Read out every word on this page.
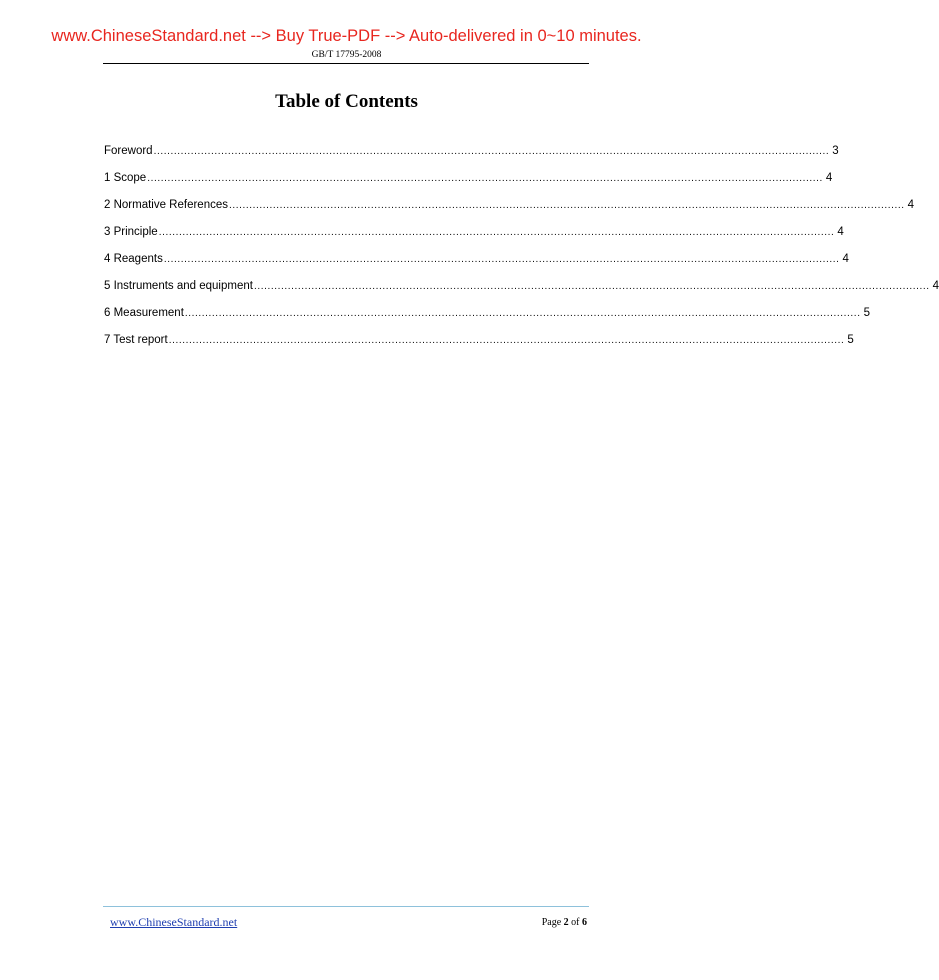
www.ChineseStandard.net --> Buy True-PDF --> Auto-delivered in 0~10 minutes.
GB/T 17795-2008
Table of Contents
Foreword ........................................................................................................................................................................................................ 3
1 Scope ........................................................................................................................................................................................................ 4
2 Normative References ........................................................................................................................................................................................................ 4
3 Principle ........................................................................................................................................................................................................ 4
4 Reagents ........................................................................................................................................................................................................ 4
5 Instruments and equipment ........................................................................................................................................................................................................ 4
6 Measurement ........................................................................................................................................................................................................ 5
7 Test report ........................................................................................................................................................................................................ 5
www.ChineseStandard.net	Page 2 of 6
